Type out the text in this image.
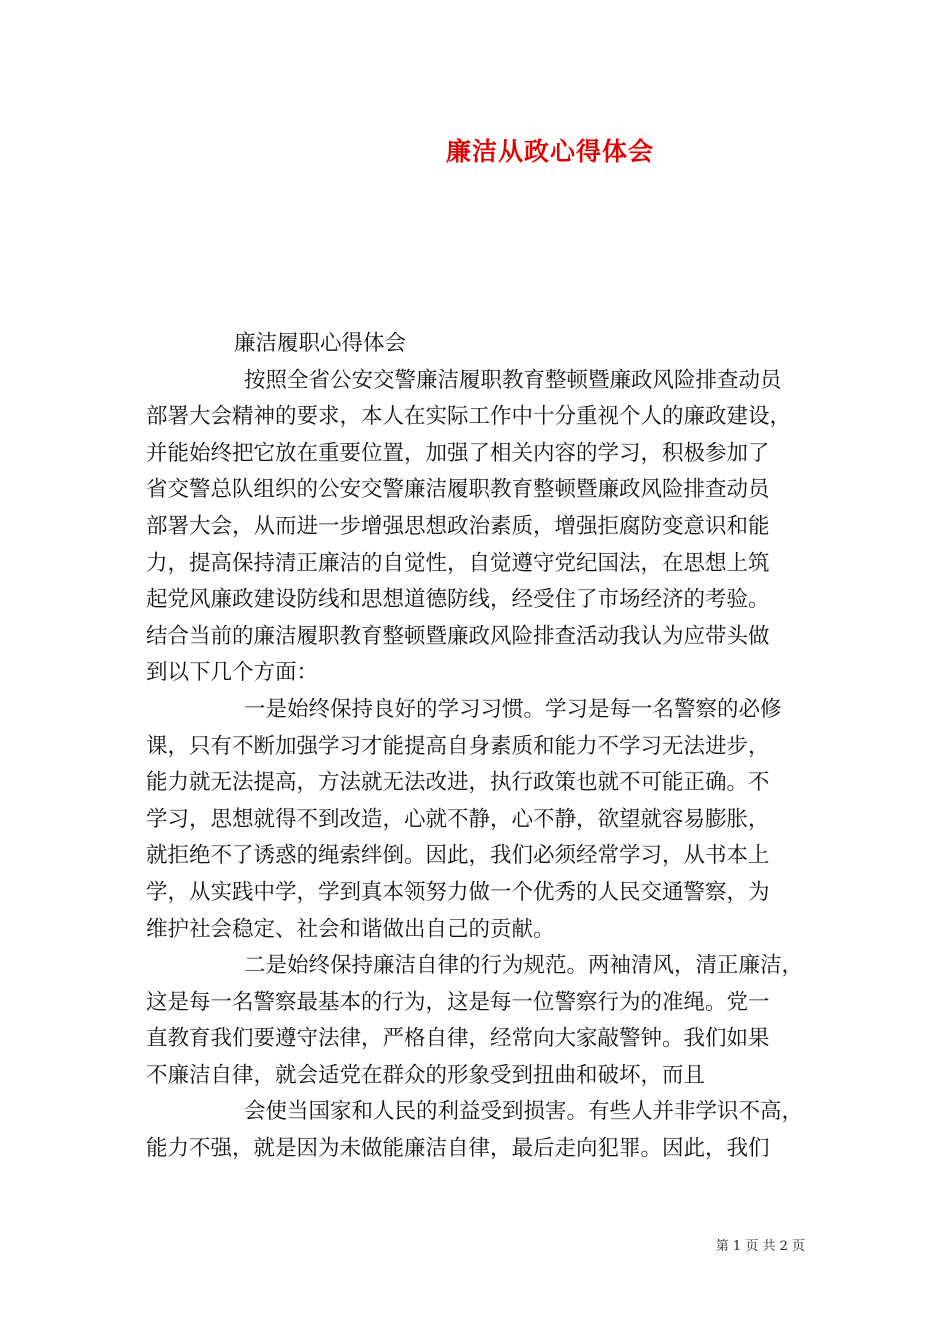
廉洁从政心得体会
廉洁履职心得体会
按照全省公安交警廉洁履职教育整顿暨廉政风险排查动员
部署大会精神的要求，本人在实际工作中十分重视个人的廉政建设，
并能始终把它放在重要位置，加强了相关内容的学习，积极参加了
省交警总队组织的公安交警廉洁履职教育整顿暨廉政风险排查动员
部署大会，从而进一步增强思想政治素质，增强拒腐防变意识和能
力，提高保持清正廉洁的自觉性，自觉遵守党纪国法，在思想上筑
起党风廉政建设防线和思想道德防线，经受住了市场经济的考验。
结合当前的廉洁履职教育整顿暨廉政风险排查活动我认为应带头做
到以下几个方面：
一是始终保持良好的学习习惯。学习是每一名警察的必修
课，只有不断加强学习才能提高自身素质和能力不学习无法进步，
能力就无法提高，方法就无法改进，执行政策也就不可能正确。不
学习，思想就得不到改造，心就不静，心不静，欲望就容易膨胀，
就拒绝不了诱惑的绳索绊倒。因此，我们必须经常学习，从书本上
学，从实践中学，学到真本领努力做一个优秀的人民交通警察，为
维护社会稳定、社会和谐做出自己的贡献。
二是始终保持廉洁自律的行为规范。两袖清风，清正廉洁，
这是每一名警察最基本的行为，这是每一位警察行为的准绳。党一
直教育我们要遵守法律，严格自律，经常向大家敲警钟。我们如果
不廉洁自律，就会适党在群众的形象受到扭曲和破坏，而且
会使当国家和人民的利益受到损害。有些人并非学识不高，
能力不强，就是因为未做能廉洁自律，最后走向犯罪。因此，我们
第 1 页 共 2 页
